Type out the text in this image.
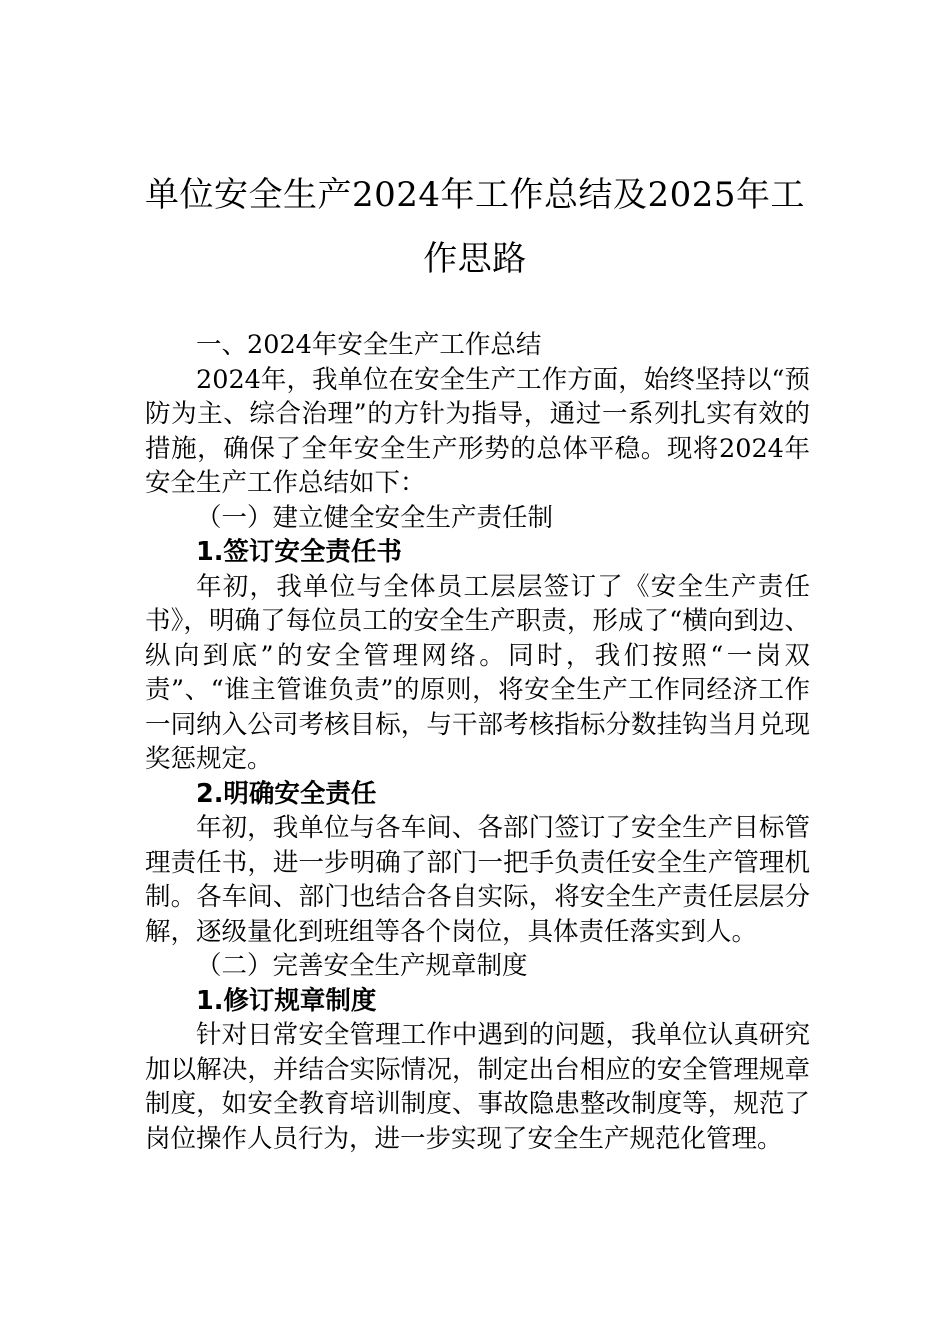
单位安全生产2024年工作总结及2025年工作思路

一、2024年安全生产工作总结

2024年，我单位在安全生产工作方面，始终坚持以“预防为主、综合治理”的方针为指导，通过一系列扎实有效的措施，确保了全年安全生产形势的总体平稳。现将2024年安全生产工作总结如下：

（一）建立健全安全生产责任制

1.签订安全责任书

年初，我单位与全体员工层层签订了《安全生产责任书》，明确了每位员工的安全生产职责，形成了“横向到边、纵向到底”的安全管理网络。同时，我们按照“一岗双责”、“谁主管谁负责”的原则，将安全生产工作同经济工作一同纳入公司考核目标，与干部考核指标分数挂钩当月兑现奖惩规定。

2.明确安全责任

年初，我单位与各车间、各部门签订了安全生产目标管理责任书，进一步明确了部门一把手负责任安全生产管理机制。各车间、部门也结合各自实际，将安全生产责任层层分解，逐级量化到班组等各个岗位，具体责任落实到人。

（二）完善安全生产规章制度

1.修订规章制度

针对日常安全管理工作中遇到的问题，我单位认真研究加以解决，并结合实际情况，制定出台相应的安全管理规章制度，如安全教育培训制度、事故隐患整改制度等，规范了岗位操作人员行为，进一步实现了安全生产规范化管理。
